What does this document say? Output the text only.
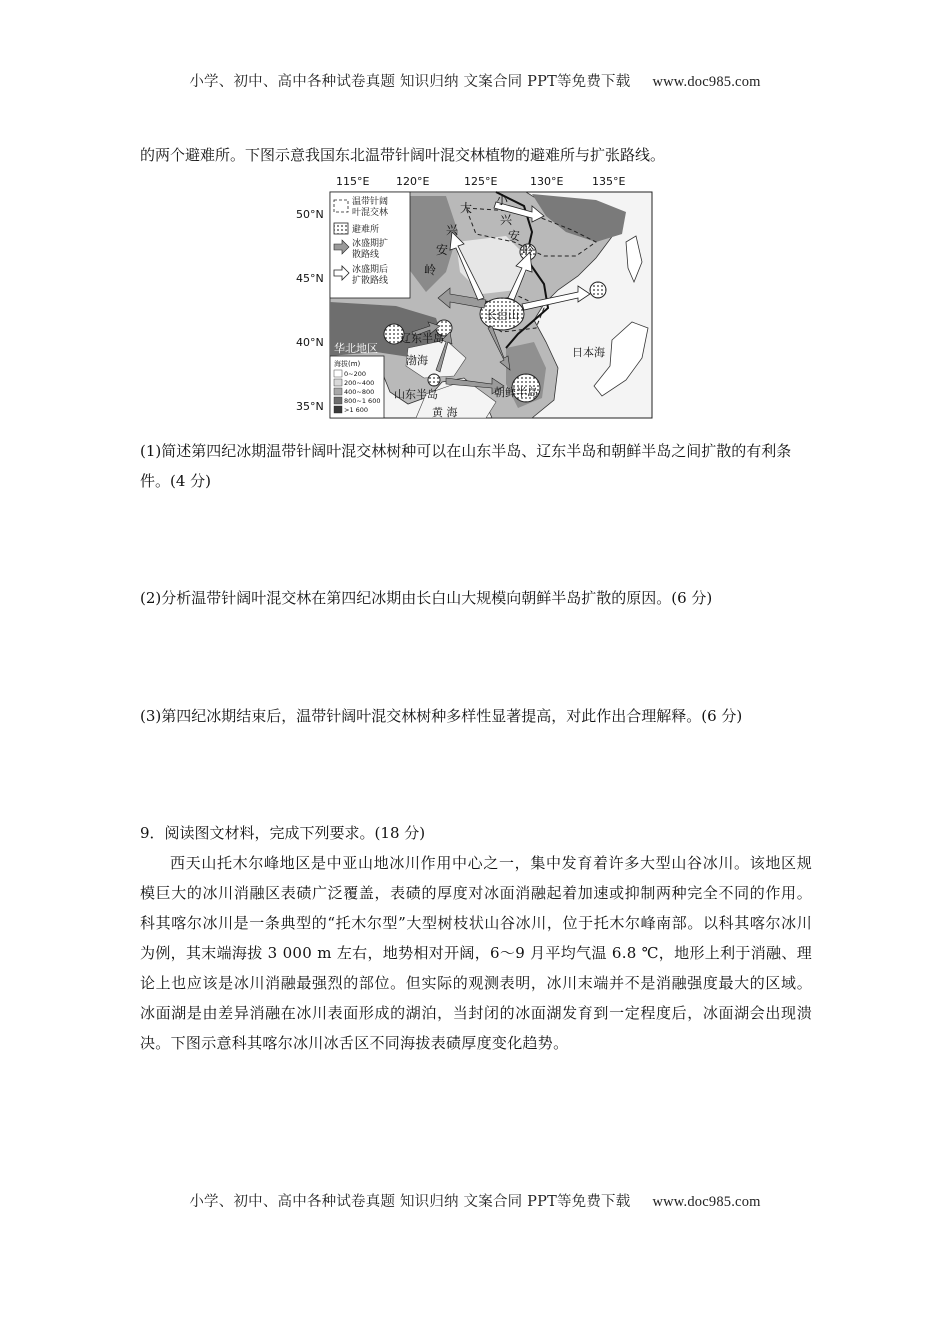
小学、初中、高中各种试卷真题 知识归纳 文案合同 PPT等免费下载 www.doc985.com
的两个避难所。下图示意我国东北温带针阔叶混交林植物的避难所与扩张路线。
115°E 120°E	125°E	130°E	135°E
50°N
45°N
40°N
35°N
温带针阔
叶混交林
避难所
冰盛期扩
散路线
冰盛期后
扩散路线
海拔(m)
0~200
200~400
400~800
800~1 600
>1 600
大
兴
安
岭
小
兴
安
岭
长白山
辽东半岛
华北地区
渤海
山东半岛
黄 海
朝鲜半岛
日本海
(1)简述第四纪冰期温带针阔叶混交林树种可以在山东半岛、辽东半岛和朝鲜半岛之间扩散的有利条件。(4 分)
(2)分析温带针阔叶混交林在第四纪冰期由长白山大规模向朝鲜半岛扩散的原因。(6 分)
(3)第四纪冰期结束后，温带针阔叶混交林树种多样性显著提高，对此作出合理解释。(6 分)
9．阅读图文材料，完成下列要求。(18 分)
西天山托木尔峰地区是中亚山地冰川作用中心之一，集中发育着许多大型山谷冰川。该地区规模巨大的冰川消融区表碛广泛覆盖，表碛的厚度对冰面消融起着加速或抑制两种完全不同的作用。科其喀尔冰川是一条典型的“托木尔型”大型树枝状山谷冰川，位于托木尔峰南部。以科其喀尔冰川为例，其末端海拔 3 000 m 左右，地势相对开阔，6～9 月平均气温 6.8 ℃，地形上利于消融、理论上也应该是冰川消融最强烈的部位。但实际的观测表明，冰川末端并不是消融强度最大的区域。冰面湖是由差异消融在冰川表面形成的湖泊，当封闭的冰面湖发育到一定程度后，冰面湖会出现溃决。下图示意科其喀尔冰川冰舌区不同海拔表碛厚度变化趋势。
小学、初中、高中各种试卷真题 知识归纳 文案合同 PPT等免费下载 www.doc985.com
